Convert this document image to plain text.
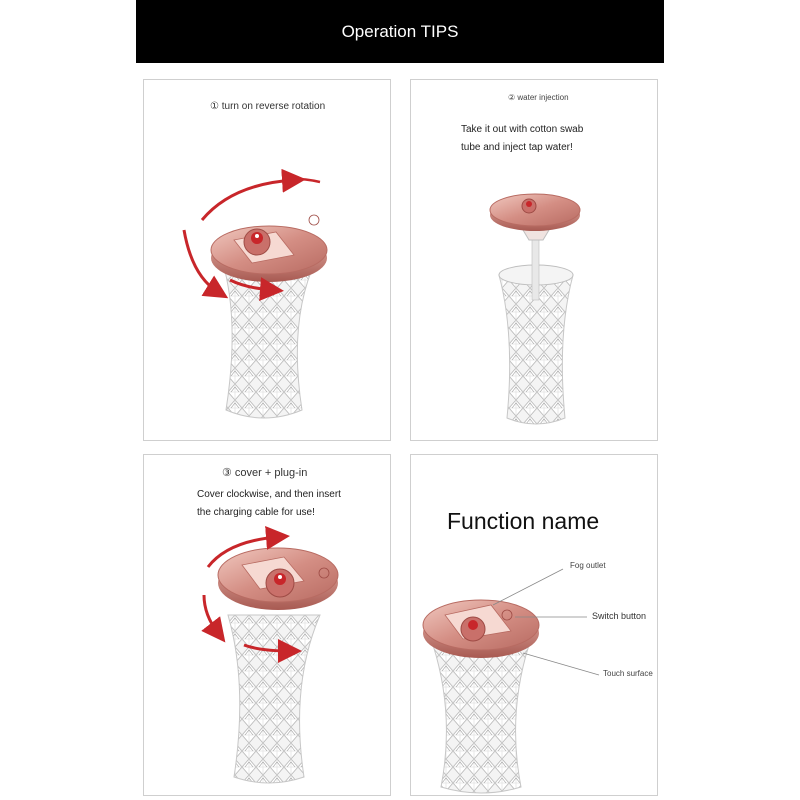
Operation TIPS
① turn on reverse rotation
② water injection
Take it out with cotton swab
tube and inject tap water!
③ cover + plug-in
Cover clockwise, and then insert
the charging cable for use!	Function name
Fog outlet
Switch button
Touch surface
